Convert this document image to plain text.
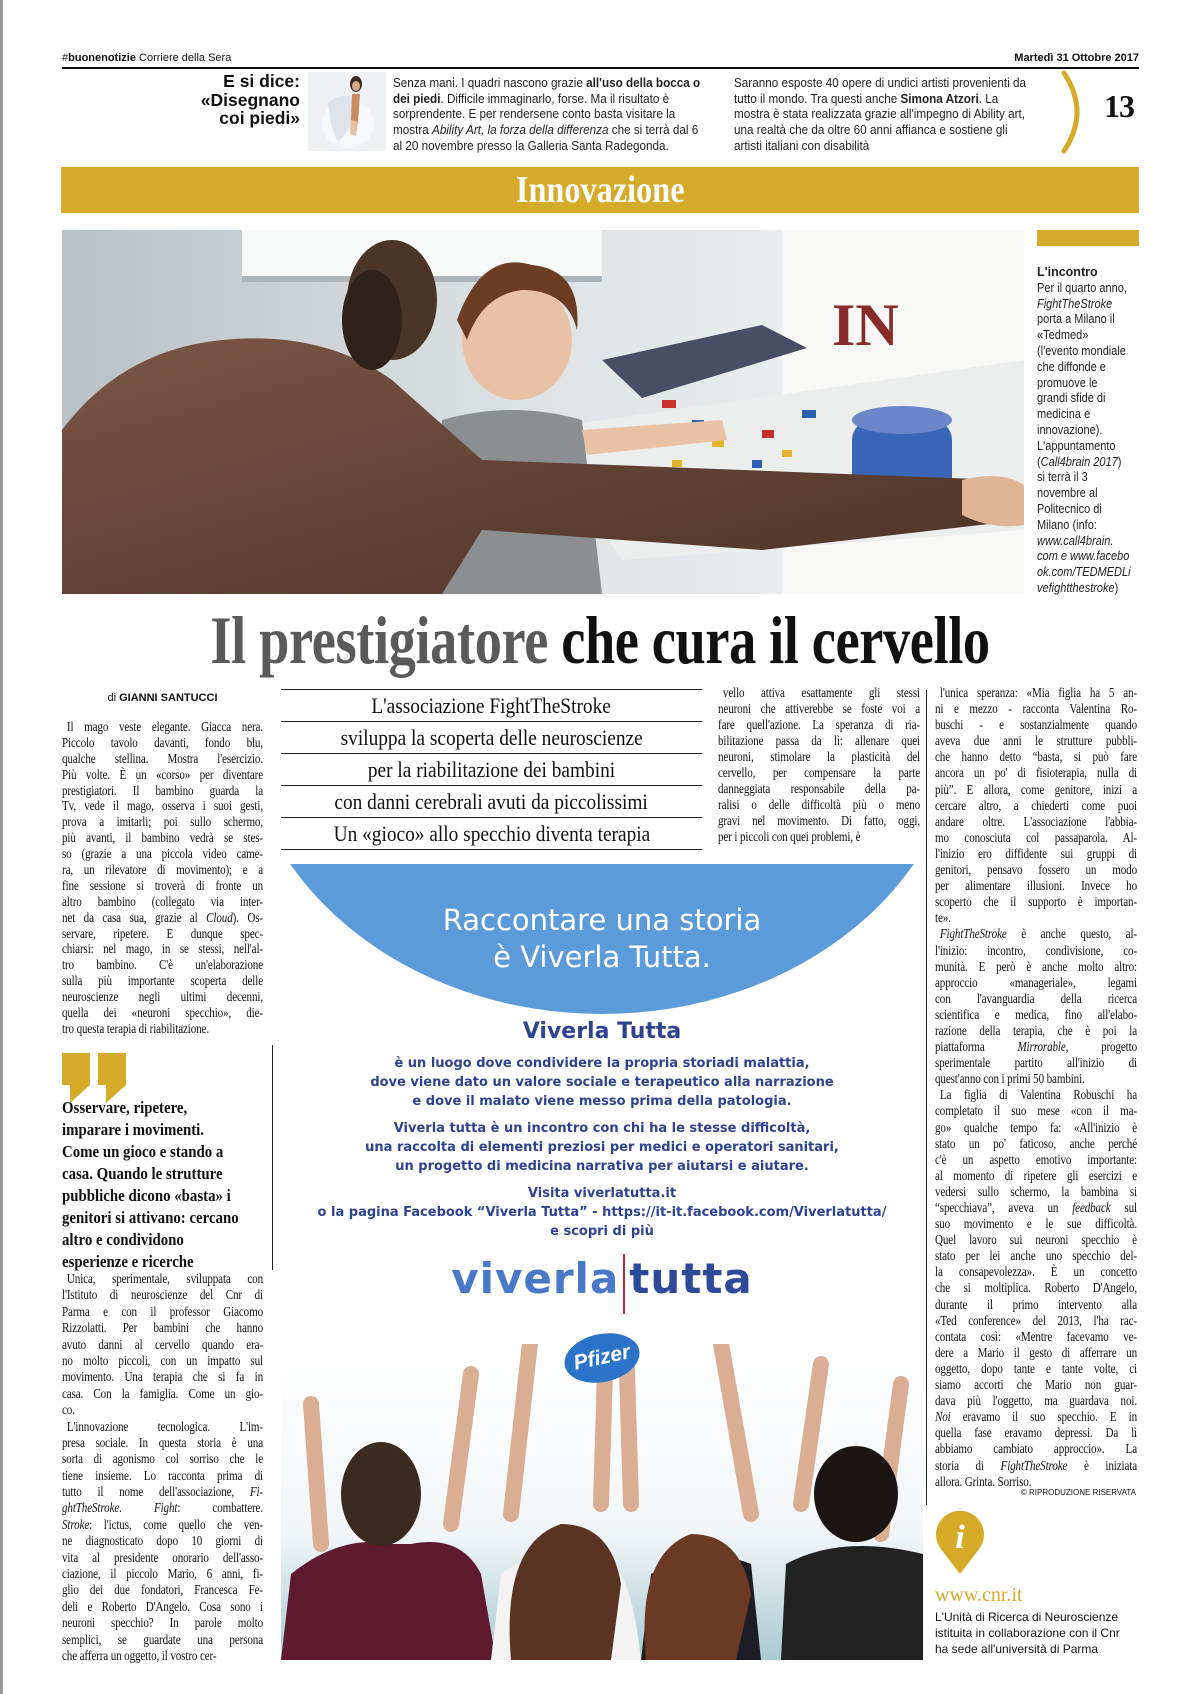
#buonenotizie Corriere della Sera	Martedì 31 Ottobre 2017
E si dice:
«Disegnano
coi piedi»
Senza mani. I quadri nascono grazie all'uso della bocca o
dei piedi. Difficile immaginarlo, forse. Ma il risultato è
sorprendente. E per rendersene conto basta visitare la
mostra Ability Art, la forza della differenza che si terrà dal 6
al 20 novembre presso la Galleria Santa Radegonda.
Saranno esposte 40 opere di undici artisti provenienti da
tutto il mondo. Tra questi anche Simona Atzori. La
mostra è stata realizzata grazie all'impegno di Ability art,
una realtà che da oltre 60 anni affianca e sostiene gli
artisti italiani con disabilità
13
Innovazione
IN
L'incontro
Per il quarto anno,
FightTheStroke
porta a Milano il
«Tedmed»
(l'evento mondiale
che diffonde e
promuove le
grandi sfide di
medicina e
innovazione).
L'appuntamento
(Call4brain 2017)
si terrà il 3
novembre al
Politecnico di
Milano (info:
www.call4brain.
com e www.facebo
ok.com/TEDMEDLi
vefightthestroke)
Il prestigiatore che cura il cervello
di GIANNI SANTUCCI	L'associazione FightTheStroke
sviluppa la scoperta delle neuroscienze
per la riabilitazione dei bambini
con danni cerebrali avuti da piccolissimi
Un «gioco» allo specchio diventa terapia
Il mago veste elegante. Giacca nera.
Piccolo tavolo davanti, fondo blu,
qualche stellina. Mostra l'esercizio.
Più volte. È un «corso» per diventare
prestigiatori. Il bambino guarda la
Tv, vede il mago, osserva i suoi gesti,
prova a imitarli; poi sullo schermo,
più avanti, il bambino vedrà se stes-
so (grazie a una piccola video came-
ra, un rilevatore di movimento); e a
fine sessione si troverà di fronte un
altro bambino (collegato via inter-
net da casa sua, grazie al Cloud). Os-
servare, ripetere. E dunque spec-
chiarsi: nel mago, in se stessi, nell'al-
tro bambino. C'è un'elaborazione
sulla più importante scoperta delle
neuroscienze negli ultimi decenni,
quella dei «neuroni specchio», die-
tro questa terapia di riabilitazione.
Osservare, ripetere,
imparare i movimenti.
Come un gioco e stando a
casa. Quando le strutture
pubbliche dicono «basta» i
genitori si attivano: cercano
altro e condividono
esperienze e ricerche
Unica, sperimentale, sviluppata con
l'Istituto di neuroscienze del Cnr di
Parma e con il professor Giacomo
Rizzolatti. Per bambini che hanno
avuto danni al cervello quando era-
no molto piccoli, con un impatto sul
movimento. Una terapia che si fa in
casa. Con la famiglia. Come un gio-
co.
L'innovazione tecnologica. L'im-
presa sociale. In questa storia è una
sorta di agonismo col sorriso che le
tiene insieme. Lo racconta prima di
tutto il nome dell'associazione, Fi-
ghtTheStroke. Fight: combattere.
Stroke: l'ictus, come quello che ven-
ne diagnosticato dopo 10 giorni di
vita al presidente onorario dell'asso-
ciazione, il piccolo Mario, 6 anni, fi-
glio dei due fondatori, Francesca Fe-
deli e Roberto D'Angelo. Cosa sono i
neuroni specchio? In parole molto
semplici, se guardate una persona
che afferra un oggetto, il vostro cer-
vello attiva esattamente gli stessi
neuroni che attiverebbe se foste voi a
fare quell'azione. La speranza di ria-
bilitazione passa da lì: allenare quei
neuroni, stimolare la plasticità del
cervello, per compensare la parte
danneggiata responsabile della pa-
ralisi o delle difficoltà più o meno
gravi nel movimento. Di fatto, oggi,
per i piccoli con quei problemi, è
l'unica speranza: «Mia figlia ha 5 an-
ni e mezzo - racconta Valentina Ro-
buschi - e sostanzialmente quando
aveva due anni le strutture pubbli-
che hanno detto “basta, si può fare
ancora un po' di fisioterapia, nulla di
più”. E allora, come genitore, inizi a
cercare altro, a chiederti come puoi
andare oltre. L'associazione l'abbia-
mo conosciuta col passaparola. Al-
l'inizio ero diffidente sui gruppi di
genitori, pensavo fossero un modo
per alimentare illusioni. Invece ho
scoperto che il supporto è importan-
te».
FightTheStroke è anche questo, al-
l'inizio: incontro, condivisione, co-
munità. E però è anche molto altro:
approccio «manageriale», legami
con l'avanguardia della ricerca
scientifica e medica, fino all'elabo-
razione della terapia, che è poi la
piattaforma Mirrorable, progetto
sperimentale partito all'inizio di
quest'anno con i primi 50 bambini.
La figlia di Valentina Robuschi ha
completato il suo mese «con il ma-
go» qualche tempo fa: «All'inizio è
stato un po' faticoso, anche perché
c'è un aspetto emotivo importante:
al momento di ripetere gli esercizi e
vedersi sullo schermo, la bambina si
“specchiava”, aveva un feedback sul
suo movimento e le sue difficoltà.
Quel lavoro sui neuroni specchio è
stato per lei anche uno specchio del-
la consapevolezza». È un concetto
che si moltiplica. Roberto D'Angelo,
durante il primo intervento alla
«Ted conference» del 2013, l'ha rac-
contata così: «Mentre facevamo ve-
dere a Mario il gesto di afferrare un
oggetto, dopo tante e tante volte, ci
siamo accorti che Mario non guar-
dava più l'oggetto, ma guardava noi.
Noi eravamo il suo specchio. E in
quella fase eravamo depressi. Da lì
abbiamo cambiato approccio». La
storia di FightTheStroke è iniziata
allora. Grinta. Sorriso.
© RIPRODUZIONE RISERVATA
Raccontare una storia
è Viverla Tutta.
Viverla Tutta
è un luogo dove condividere la propria storiadi malattia,
dove viene dato un valore sociale e terapeutico alla narrazione
e dove il malato viene messo prima della patologia.
Viverla tutta è un incontro con chi ha le stesse difficoltà,
una raccolta di elementi preziosi per medici e operatori sanitari,
un progetto di medicina narrativa per aiutarsi e aiutare.
Visita viverlatutta.it
o la pagina Facebook “Viverla Tutta” - https://it-it.facebook.com/Viverlatutta/
e scopri di più
viverla tutta
Pfizer
i
www.cnr.it
L'Unità di Ricerca di Neuroscienze
istituita in collaborazione con il Cnr
ha sede all'università di Parma
